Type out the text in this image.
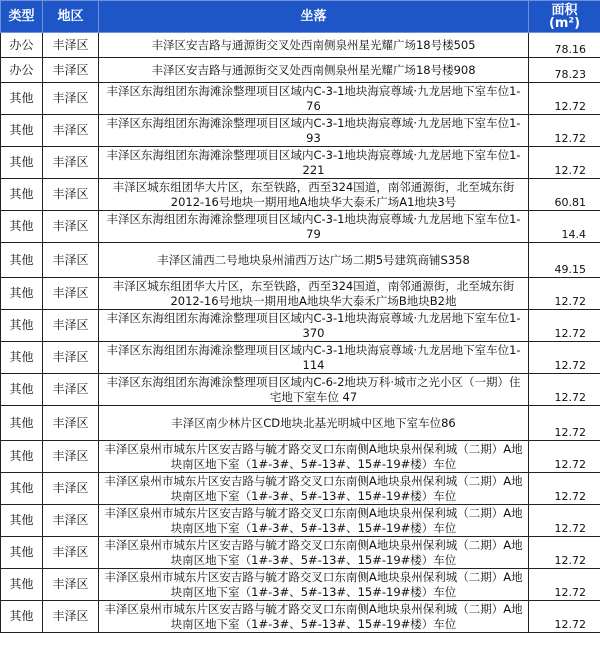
类型	地区	坐落	面积
(m²)

办公	丰泽区	丰泽区安吉路与通源街交叉处西南侧泉州星光耀广场18号楼505	78.16
办公	丰泽区	丰泽区安吉路与通源街交叉处西南侧泉州星光耀广场18号楼908	78.23
其他	丰泽区	丰泽区东海组团东海滩涂整理项目区域内C-3-1地块海宸尊域·九龙居地下室车位1-76	12.72
其他	丰泽区	丰泽区东海组团东海滩涂整理项目区域内C-3-1地块海宸尊域·九龙居地下室车位1-93	12.72
其他	丰泽区	丰泽区东海组团东海滩涂整理项目区域内C-3-1地块海宸尊域·九龙居地下室车位1-221	12.72
其他	丰泽区	丰泽区城东组团华大片区，东至铁路，西至324国道，南邻通源街，北至城东街2012-16号地块一期用地A地块华大泰禾广场A1地块3号	60.81
其他	丰泽区	丰泽区东海组团东海滩涂整理项目区域内C-3-1地块海宸尊域·九龙居地下室车位1-79	14.4
其他	丰泽区	丰泽区浦西二号地块泉州浦西万达广场二期5号建筑商铺S358	49.15
其他	丰泽区	丰泽区城东组团华大片区，东至铁路，西至324国道，南邻通源街，北至城东街2012-16号地块一期用地A地块华大泰禾广场B地块B2地	12.72
其他	丰泽区	丰泽区东海组团东海滩涂整理项目区域内C-3-1地块海宸尊域·九龙居地下室车位1-370	12.72
其他	丰泽区	丰泽区东海组团东海滩涂整理项目区域内C-3-1地块海宸尊域·九龙居地下室车位1-114	12.72
其他	丰泽区	丰泽区东海组团东海滩涂整理项目区域内C-6-2地块万科·城市之光小区（一期）住宅地下室车位 47	12.72
其他	丰泽区	丰泽区南少林片区CD地块北基光明城中区地下室车位86	12.72
其他	丰泽区	丰泽区泉州市城东片区安吉路与毓才路交叉口东南侧A地块泉州保利城（二期）A地块南区地下室（1#-3#、5#-13#、15#-19#楼）车位	12.72
其他	丰泽区	丰泽区泉州市城东片区安吉路与毓才路交叉口东南侧A地块泉州保利城（二期）A地块南区地下室（1#-3#、5#-13#、15#-19#楼）车位	12.72
其他	丰泽区	丰泽区泉州市城东片区安吉路与毓才路交叉口东南侧A地块泉州保利城（二期）A地块南区地下室（1#-3#、5#-13#、15#-19#楼）车位	12.72
其他	丰泽区	丰泽区泉州市城东片区安吉路与毓才路交叉口东南侧A地块泉州保利城（二期）A地块南区地下室（1#-3#、5#-13#、15#-19#楼）车位	12.72
其他	丰泽区	丰泽区泉州市城东片区安吉路与毓才路交叉口东南侧A地块泉州保利城（二期）A地块南区地下室（1#-3#、5#-13#、15#-19#楼）车位	12.72
其他	丰泽区	丰泽区泉州市城东片区安吉路与毓才路交叉口东南侧A地块泉州保利城（二期）A地块南区地下室（1#-3#、5#-13#、15#-19#楼）车位	12.72
